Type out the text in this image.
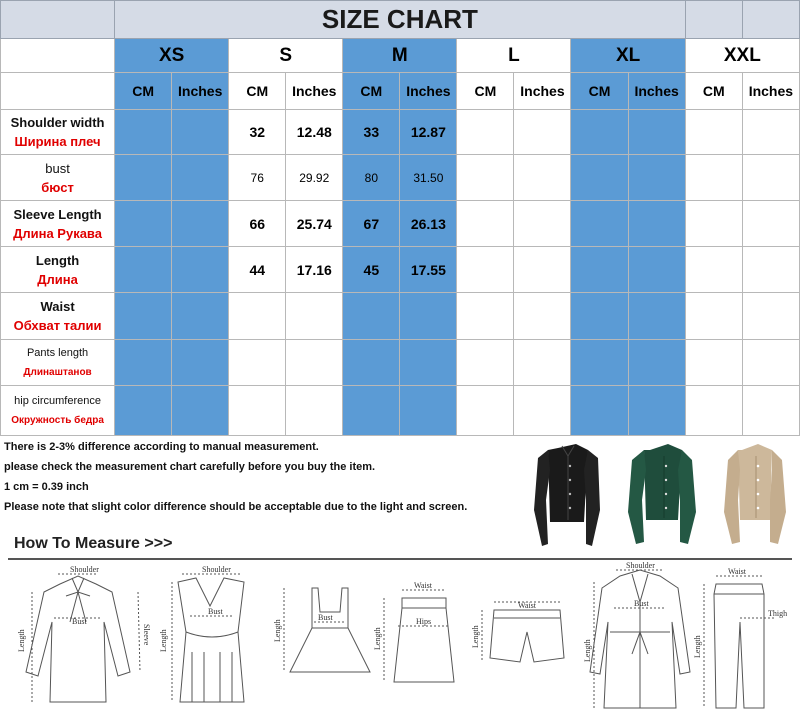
	SIZE CHART											
	XS		S		M		L		XL		XXL	
	CM	Inches	CM	Inches	CM	Inches	CM	Inches	CM	Inches	CM	Inches

Shoulder width
Ширина плеч			32	12.48	33	12.87						

bust
бюст			76	29.92	80	31.50						

Sleeve Length
Длина Рукава			66	25.74	67	26.13						

Length
Длина			44	17.16	45	17.55						

Waist
Обхват талии												

Pants length
Длинаштанов												

hip circumference
Окружность бедра												

There is 2-3% difference according to manual measurement.
please check the measurement chart carefully before you buy the item.
1 cm = 0.39 inch
Please note that slight color difference should be acceptable due to the light and screen.
How To Measure >>>
Shoulder
Bust
Length	Sleeve
Shoulder
Bust
Length
Bust
Length
Waist
Hips
Length
Waist
Length
Shoulder
Bust
Length
Waist
Thigh
Length
